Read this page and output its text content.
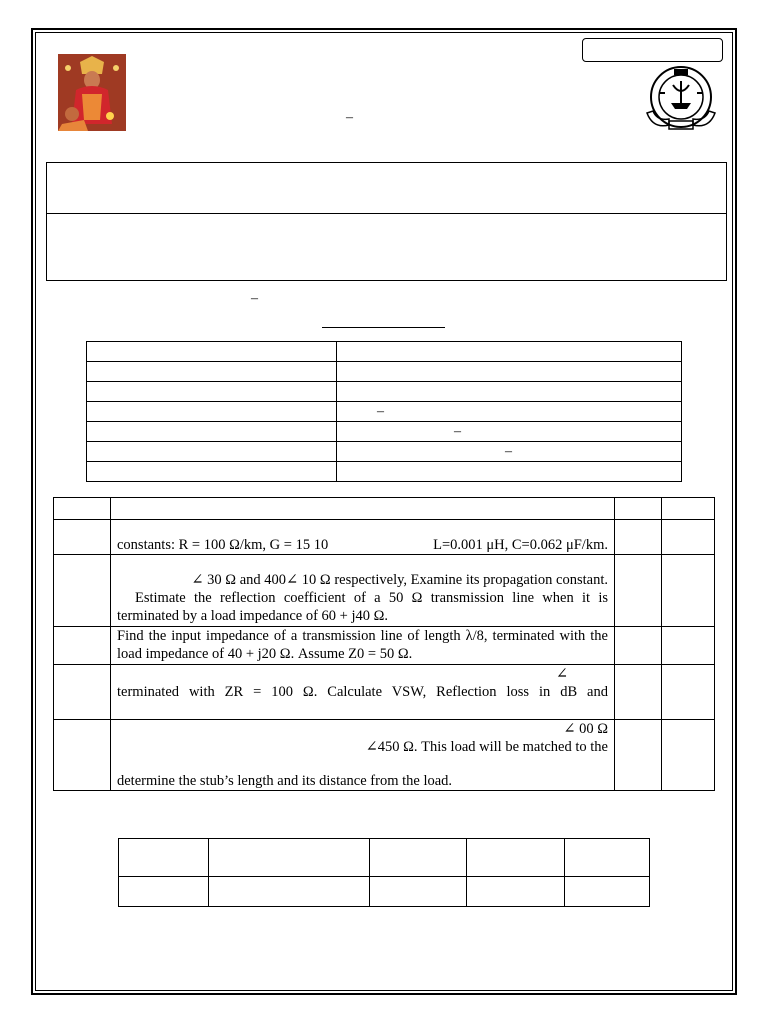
–
–

	–
	–
	–

	constants: R = 100 Ω/km, G = 15 10 L=0.001 μH, C=0.062 μF/km.		

	∠ 30 Ω and 400∠ 10 Ω respectively, Examine its propagation constant.
Estimate the reflection coefficient of a 50 Ω transmission line when it is terminated by a load impedance of 60 + j40 Ω.		

	Find the input impedance of a transmission line of length λ/8, terminated with the load impedance of 40 + j20 Ω. Assume Z0 = 50 Ω.		

	∠
terminated with ZR = 100 Ω. Calculate VSW, Reflection loss in dB and		

	∠ 00 Ω
∠450 Ω. This load will be matched to the
determine the stub’s length and its distance from the load.		
